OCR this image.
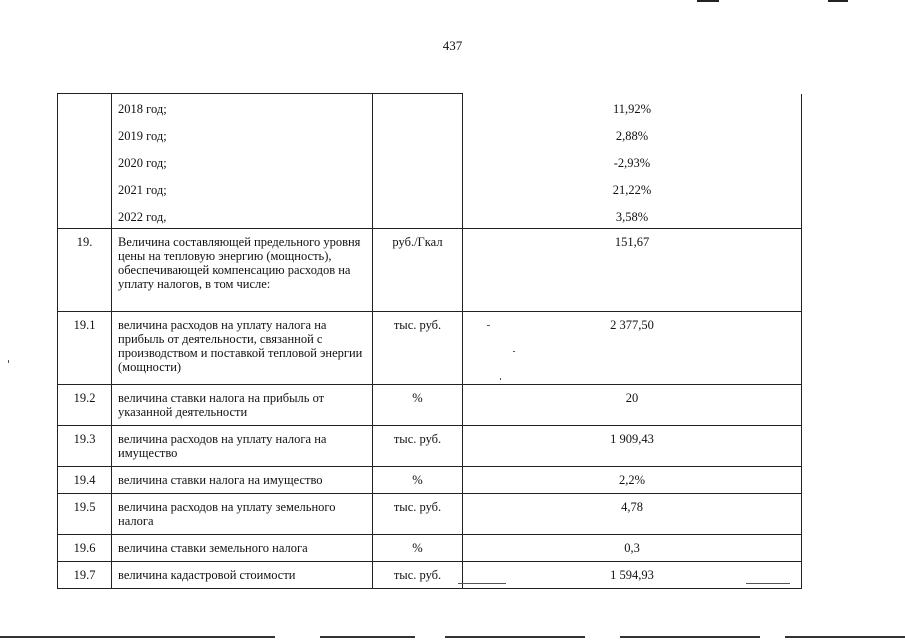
437
	2018 год;		11,92%
	2019 год;		2,88%
	2020 год;		-2,93%
	2021 год;		21,22%
	2022 год,		3,58%
19.	Величина составляющей предельного уровня цены на тепловую энергию (мощность), обеспечивающей компенсацию расходов на уплату налогов, в том числе:	руб./Гкал	151,67
19.1	величина расходов на уплату налога на прибыль от деятельности, связанной с производством и поставкой тепловой энергии (мощности)	тыс. руб.	2 377,50
19.2	величина ставки налога на прибыль от указанной деятельности	%	20
19.3	величина расходов на уплату налога на имущество	тыс. руб.	1 909,43
19.4	величина ставки налога на имущество	%	2,2%
19.5	величина расходов на уплату земельного налога	тыс. руб.	4,78
19.6	величина ставки земельного налога	%	0,3
19.7	величина кадастровой стоимости	тыс. руб.	1 594,93
